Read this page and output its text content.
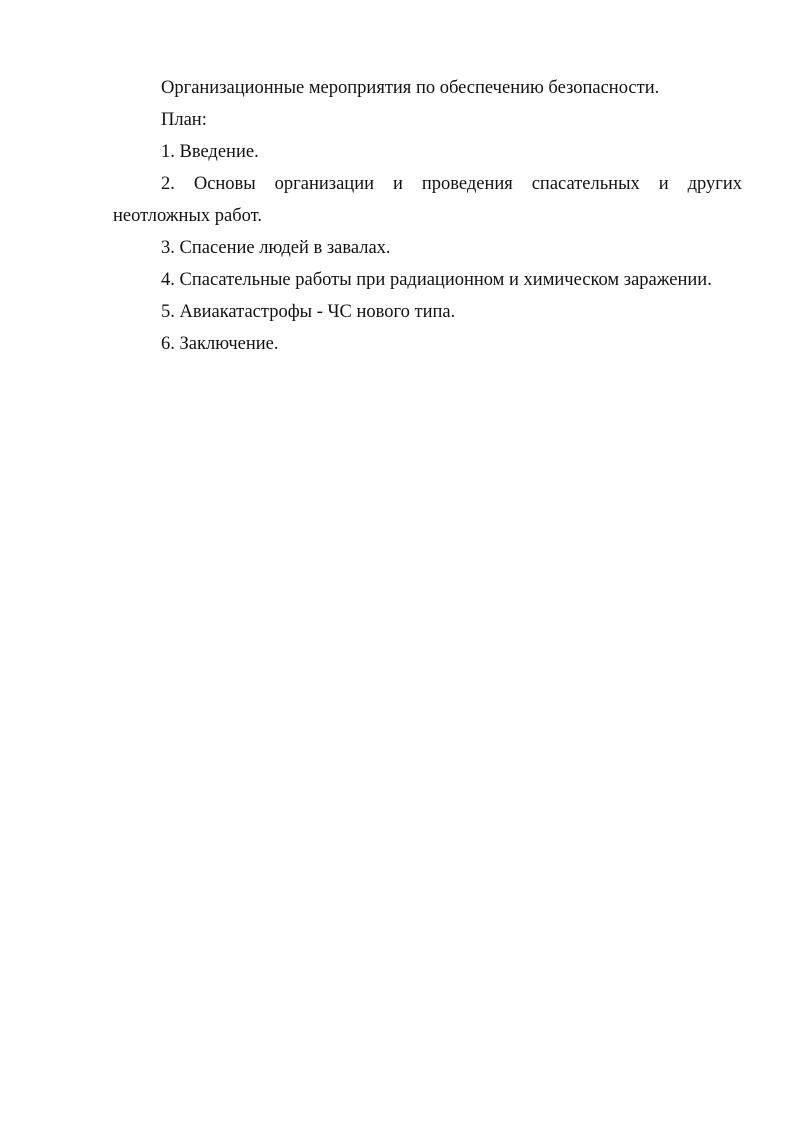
Организационные мероприятия по обеспечению безопасности.

План:

1. Введение.

2. Основы организации и проведения спасательных и других неотложных работ.

3. Спасение людей в завалах.

4. Спасательные работы при радиационном и химическом заражении.

5. Авиакатастрофы - ЧС нового типа.

6. Заключение.
